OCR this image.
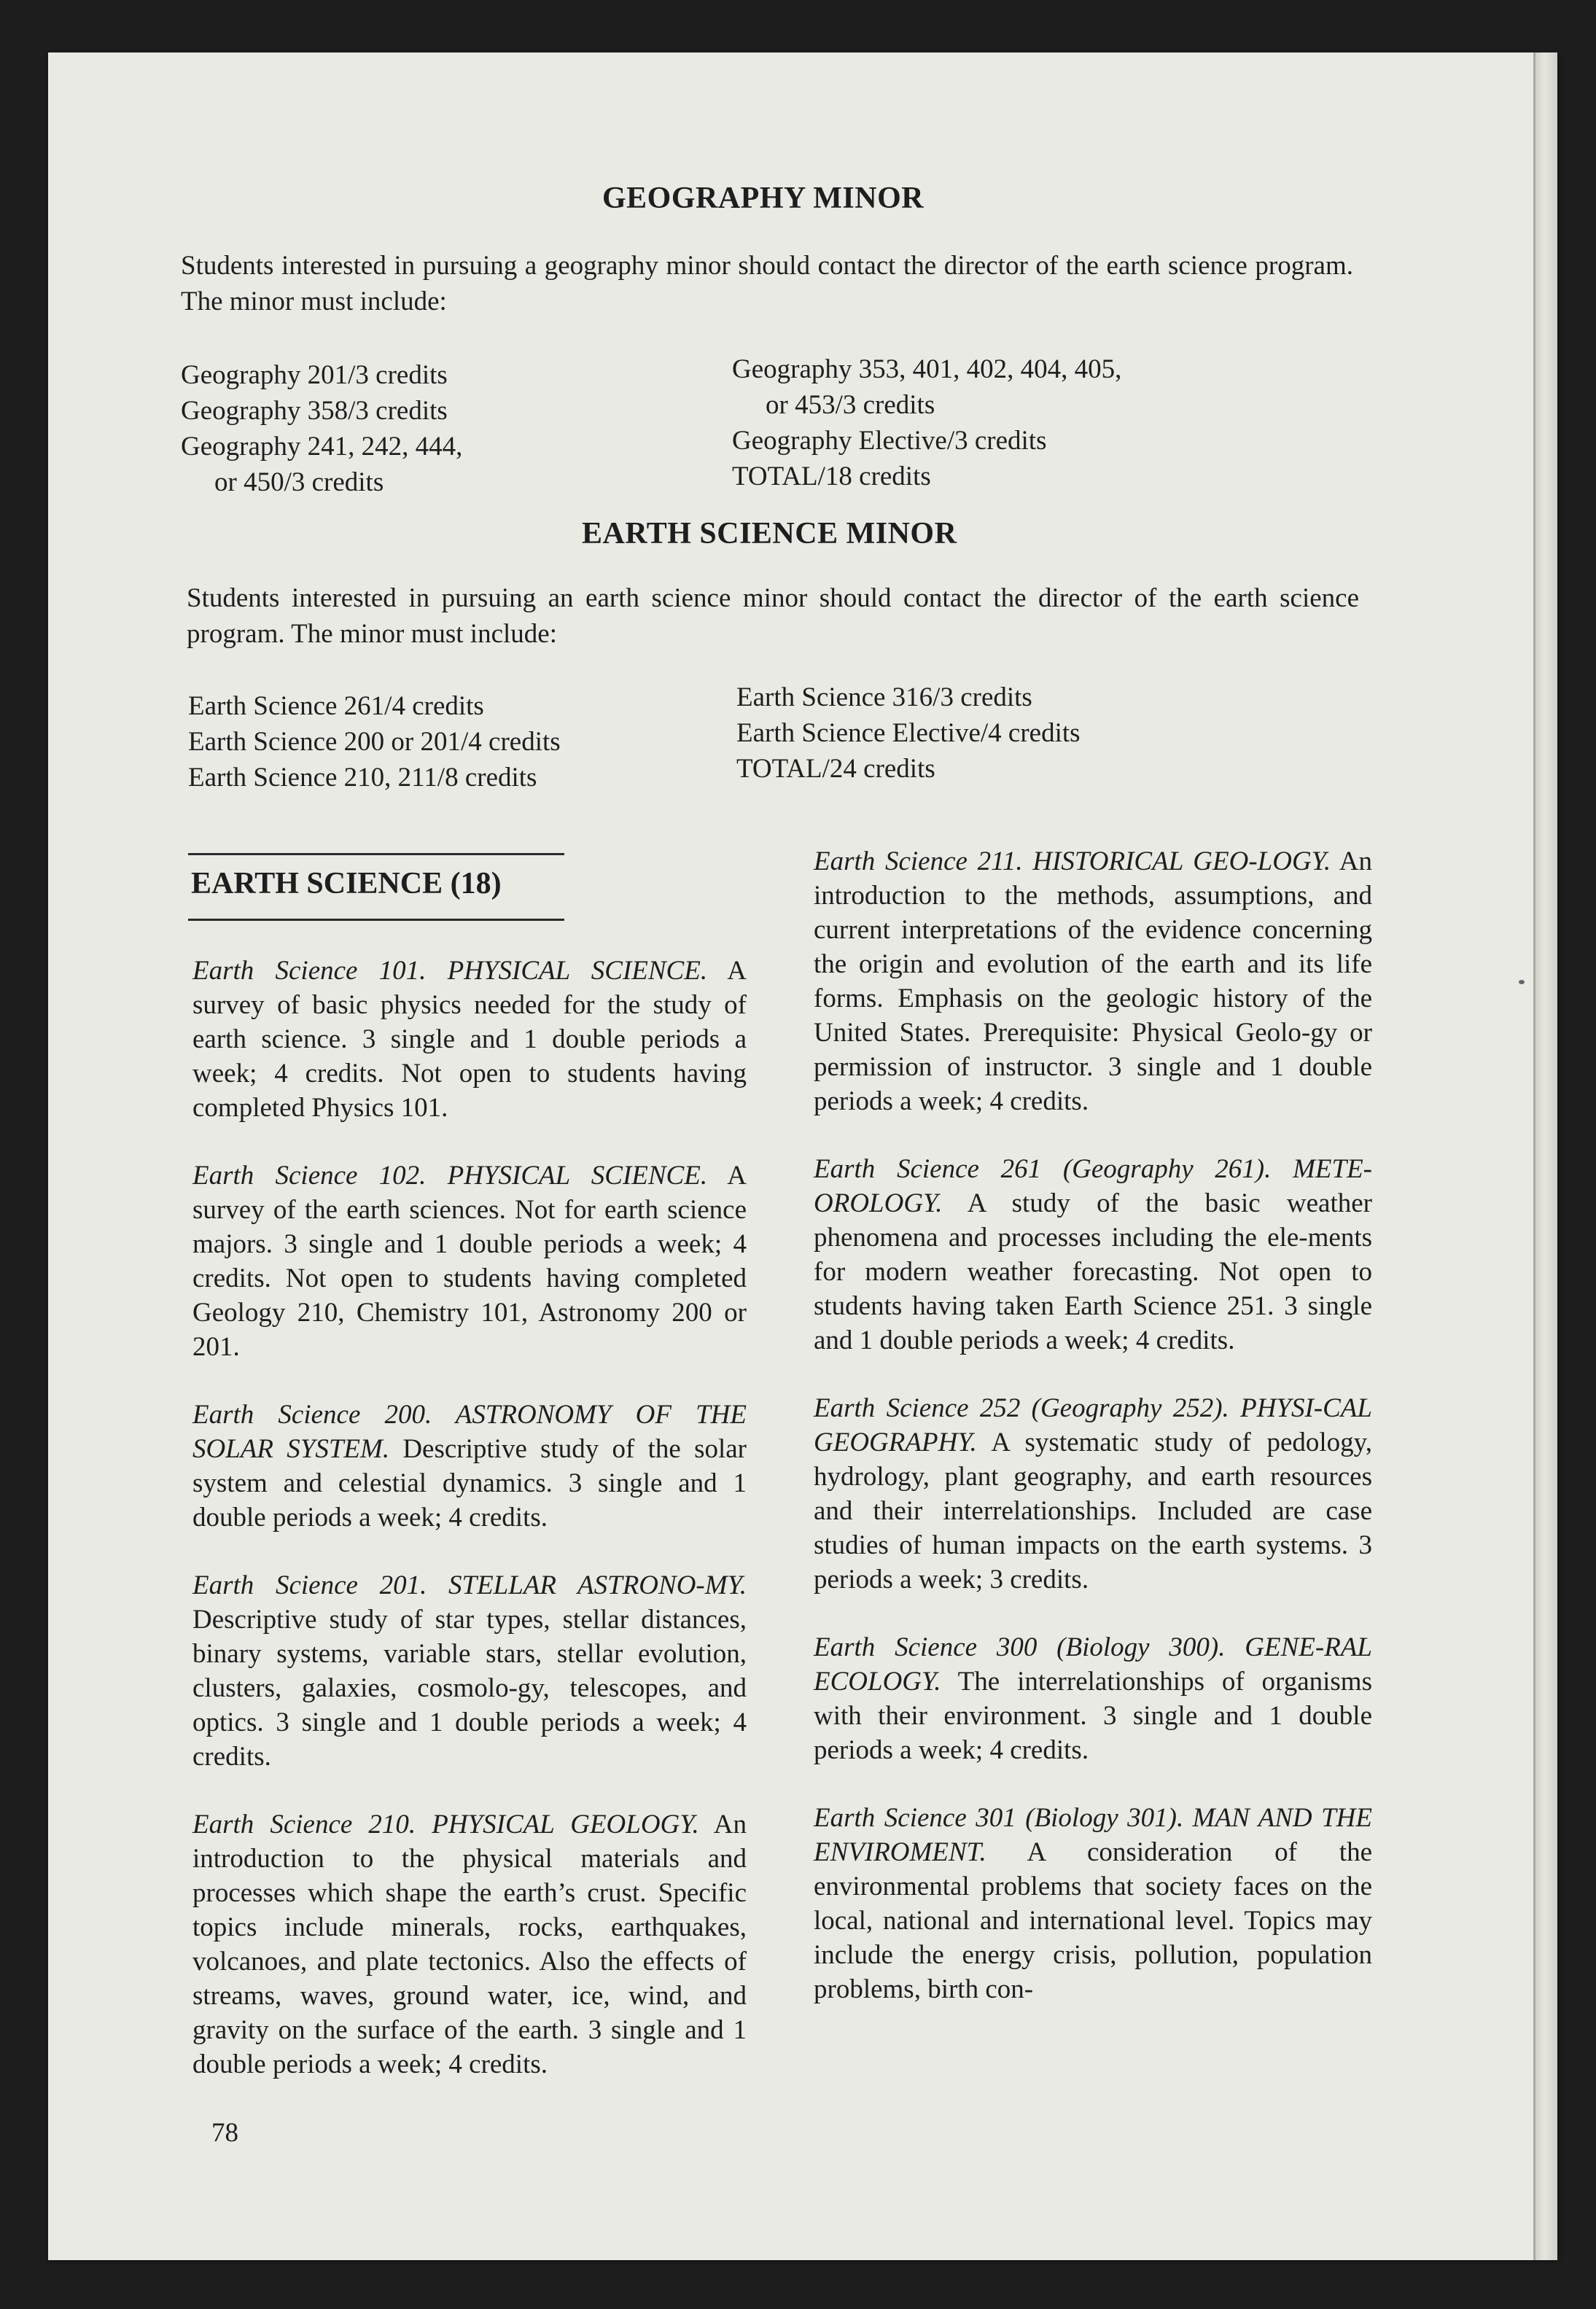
GEOGRAPHY MINOR

Students interested in pursuing a geography minor should contact the director of the earth science program. The minor must include:

Geography 201/3 credits
Geography 358/3 credits
Geography 241, 242, 444,
or 450/3 credits
Geography 353, 401, 402, 404, 405,
or 453/3 credits
Geography Elective/3 credits
TOTAL/18 credits
EARTH SCIENCE MINOR

Students interested in pursuing an earth science minor should contact the director of the earth science program. The minor must include:

Earth Science 261/4 credits
Earth Science 200 or 201/4 credits
Earth Science 210, 211/8 credits
Earth Science 316/3 credits
Earth Science Elective/4 credits
TOTAL/24 credits
EARTH SCIENCE (18)

Earth Science 101. PHYSICAL SCIENCE. A survey of basic physics needed for the study of earth science. 3 single and 1 double periods a week; 4 credits. Not open to students having completed Physics 101.

Earth Science 102. PHYSICAL SCIENCE. A survey of the earth sciences. Not for earth science majors. 3 single and 1 double periods a week; 4 credits. Not open to students having completed Geology 210, Chemistry 101, Astronomy 200 or 201.

Earth Science 200. ASTRONOMY OF THE SOLAR SYSTEM. Descriptive study of the solar system and celestial dynamics. 3 single and 1 double periods a week; 4 credits.

Earth Science 201. STELLAR ASTRONO-MY. Descriptive study of star types, stellar distances, binary systems, variable stars, stellar evolution, clusters, galaxies, cosmolo-gy, telescopes, and optics. 3 single and 1 double periods a week; 4 credits.

Earth Science 210. PHYSICAL GEOLOGY. An introduction to the physical materials and processes which shape the earth’s crust. Specific topics include minerals, rocks, earthquakes, volcanoes, and plate tectonics. Also the effects of streams, waves, ground water, ice, wind, and gravity on the surface of the earth. 3 single and 1 double periods a week; 4 credits.

Earth Science 211. HISTORICAL GEO-LOGY. An introduction to the methods, assumptions, and current interpretations of the evidence concerning the origin and evolution of the earth and its life forms. Emphasis on the geologic history of the United States. Prerequisite: Physical Geolo-gy or permission of instructor. 3 single and 1 double periods a week; 4 credits.

Earth Science 261 (Geography 261). METE-OROLOGY. A study of the basic weather phenomena and processes including the ele-ments for modern weather forecasting. Not open to students having taken Earth Science 251. 3 single and 1 double periods a week; 4 credits.

Earth Science 252 (Geography 252). PHYSI-CAL GEOGRAPHY. A systematic study of pedology, hydrology, plant geography, and earth resources and their interrelationships. Included are case studies of human impacts on the earth systems. 3 periods a week; 3 credits.

Earth Science 300 (Biology 300). GENE-RAL ECOLOGY. The interrelationships of organisms with their environment. 3 single and 1 double periods a week; 4 credits.

Earth Science 301 (Biology 301). MAN AND THE ENVIROMENT. A consideration of the environmental problems that society faces on the local, national and international level. Topics may include the energy crisis, pollution, population problems, birth con-

78
